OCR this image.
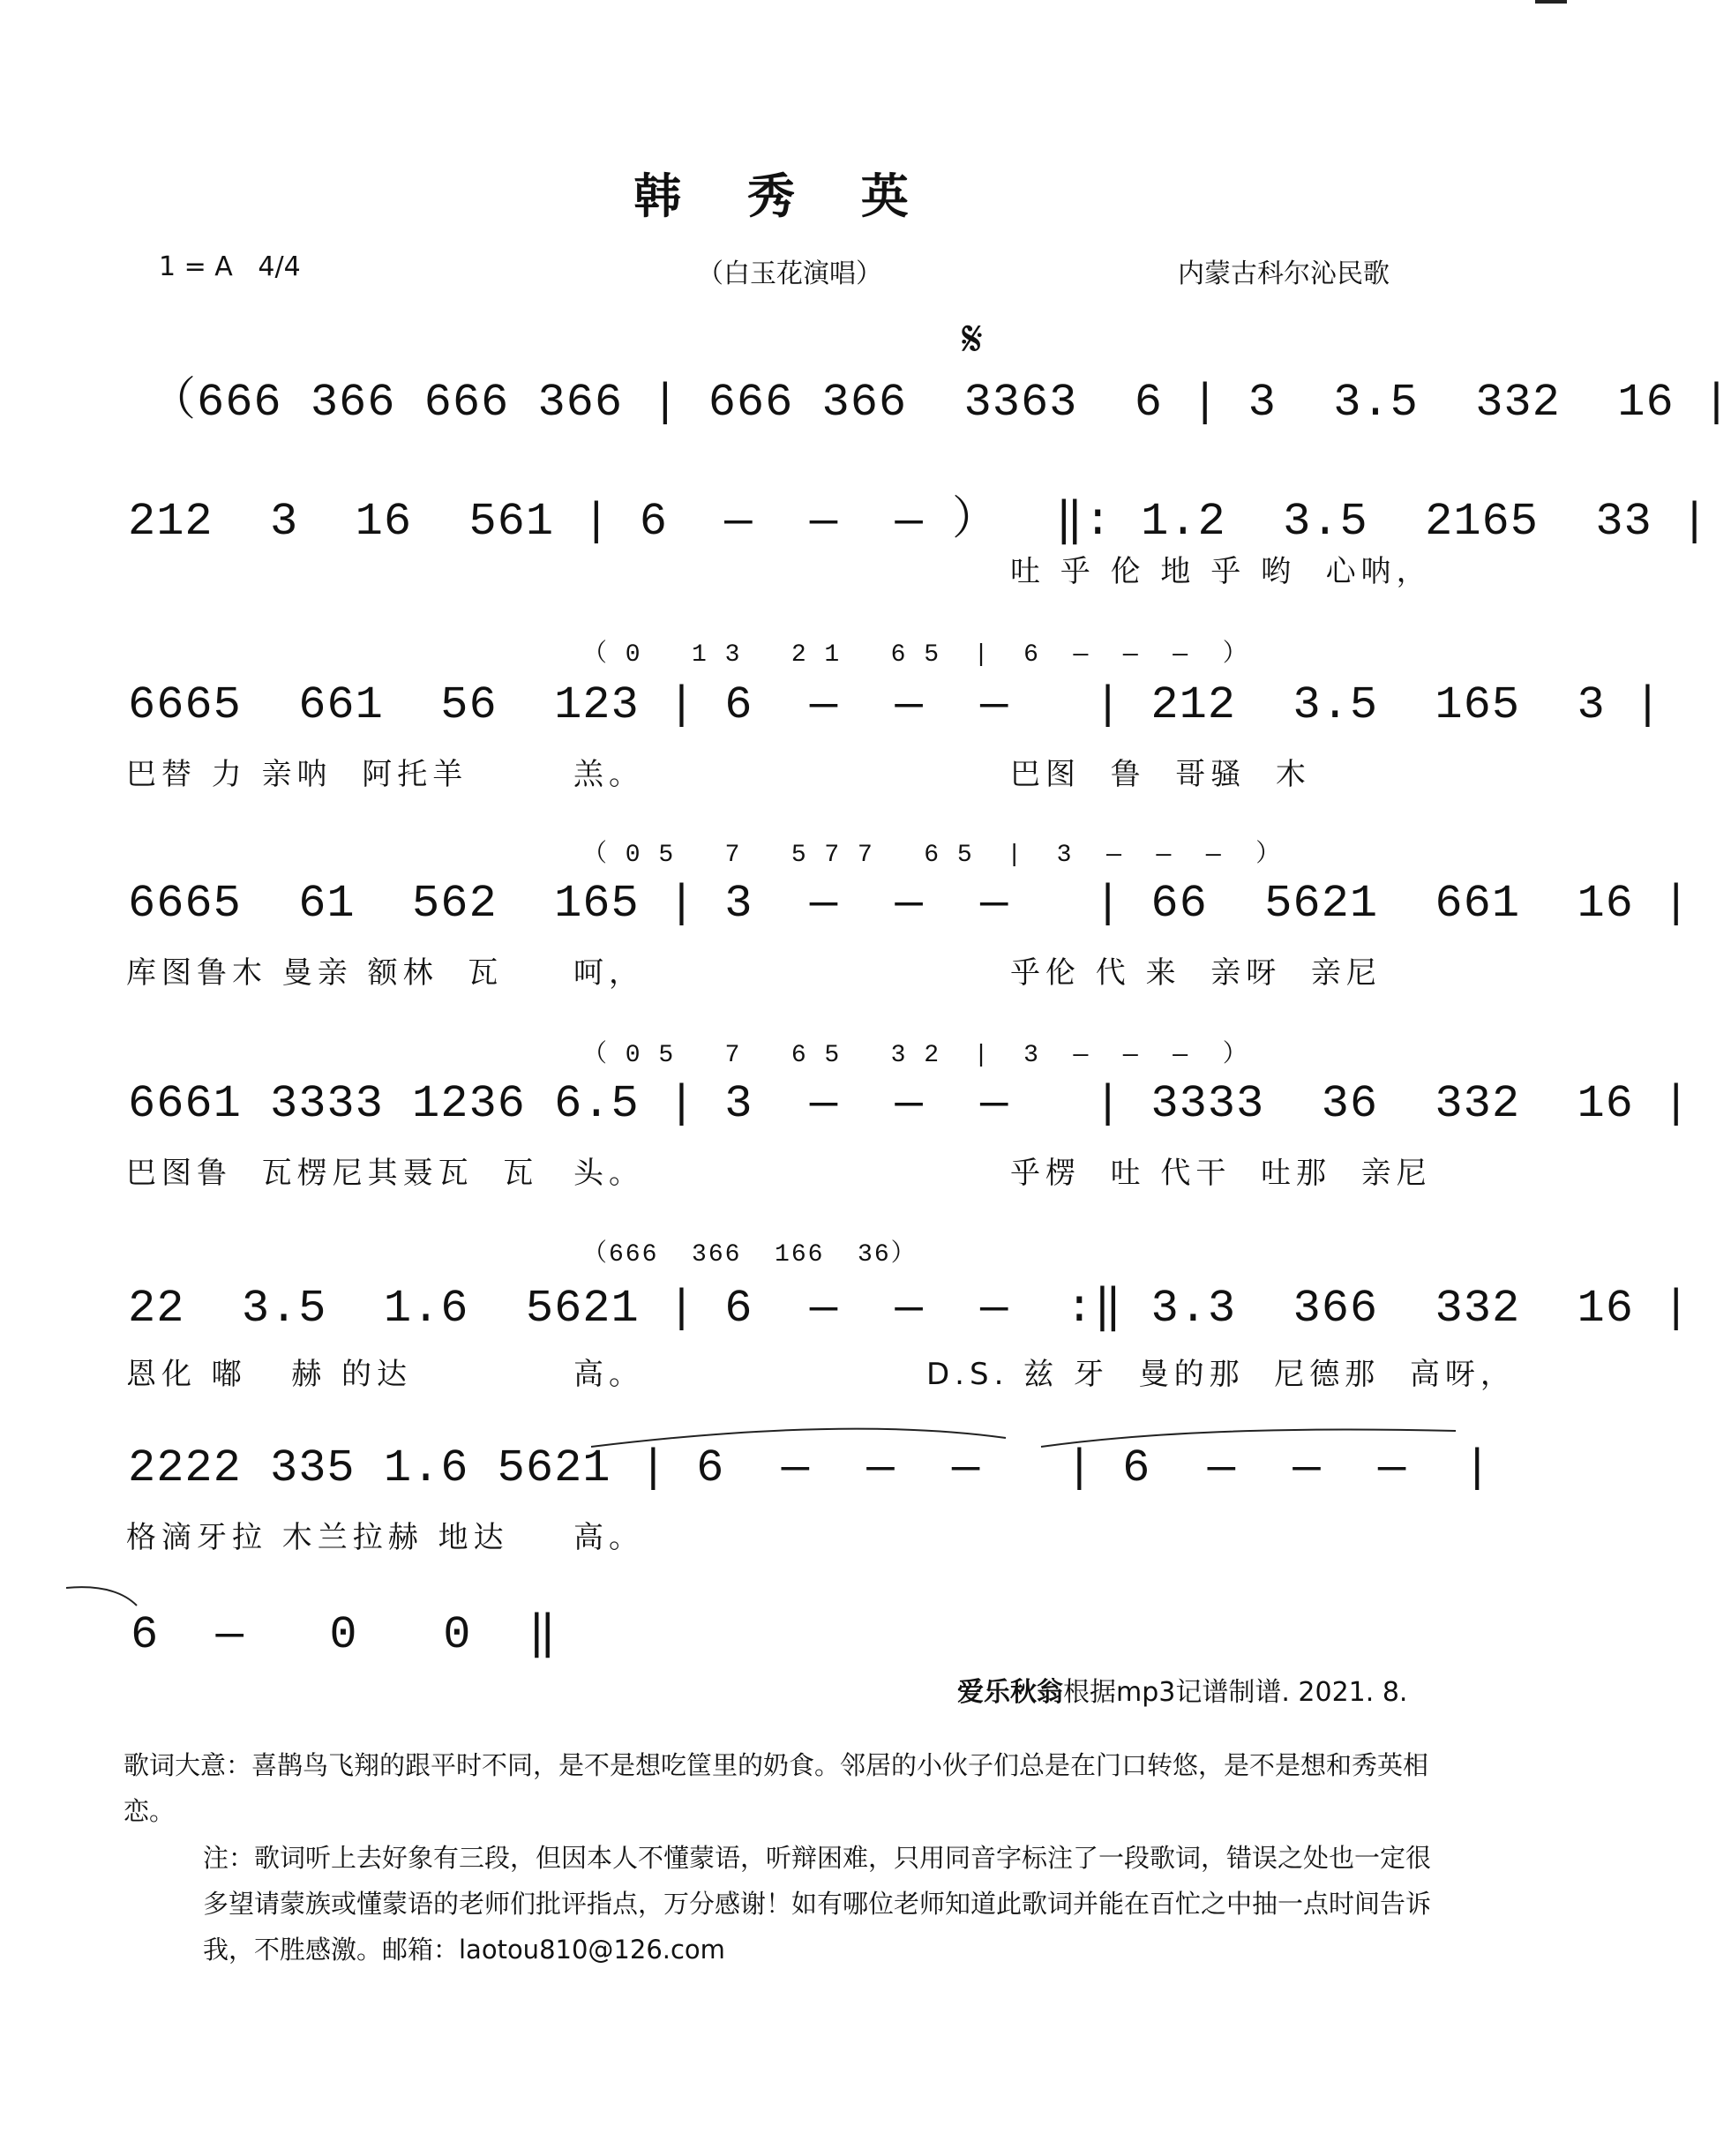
韩 秀 英
1 = A   4/4	（白玉花演唱）	内蒙古科尔沁民歌
𝄋
（666 366 666 366 | 666 366  3363  6 | 3  3.5  332  16 |
212  3  16  561 | 6  —  —  — ）  ‖: 1.2  3.5  2165  33 |
吐 乎 伦 地 乎 哟  心呐，
（ 0   1 3   2 1   6 5  |  6  —  —  —  ）
6665  661  56  123 | 6  —  —  —   | 212  3.5  165  3 |
巴替 力 亲呐  阿托羊	羔。	巴图  鲁  哥骚  木
（ 0 5   7   5 7 7   6 5  |  3  —  —  —  ）
6665  61  562  165 | 3  —  —  —   | 66  5621  661  16 |
库图鲁木 曼亲 额林  瓦 呵，	乎伦 代 来  亲呀  亲尼
（ 0 5   7   6 5   3 2  |  3  —  —  —  ）
6661 3333 1236 6.5 | 3  —  —  —   | 3333  36  332  16 |
巴图鲁  瓦楞尼其聂瓦  瓦 头。	乎楞  吐 代干  吐那  亲尼
（666  366  166  36）
22  3.5  1.6  5621 | 6  —  —  —  :‖ 3.3  366  332  16 |
恩化 嘟   赫 的达	高。	D.S. 兹 牙  曼的那  尼德那  高呀，
2222 335 1.6 5621 | 6  —  —  —   | 6  —  —  —  |
格滴牙拉 木兰拉赫 地达 高。
6  —   0   0  ‖
爱乐秋翁根据mp3记谱制谱. 2021. 8.
歌词大意：喜鹊鸟飞翔的跟平时不同，是不是想吃筐里的奶食。邻居的小伙子们总是在门口转悠，是不是想和秀英相恋。
注：歌词听上去好象有三段，但因本人不懂蒙语，听辩困难，只用同音字标注了一段歌词，错误之处也一定很多望请蒙族或懂蒙语的老师们批评指点，万分感谢！如有哪位老师知道此歌词并能在百忙之中抽一点时间告诉我，不胜感激。邮箱：laotou810@126.com
